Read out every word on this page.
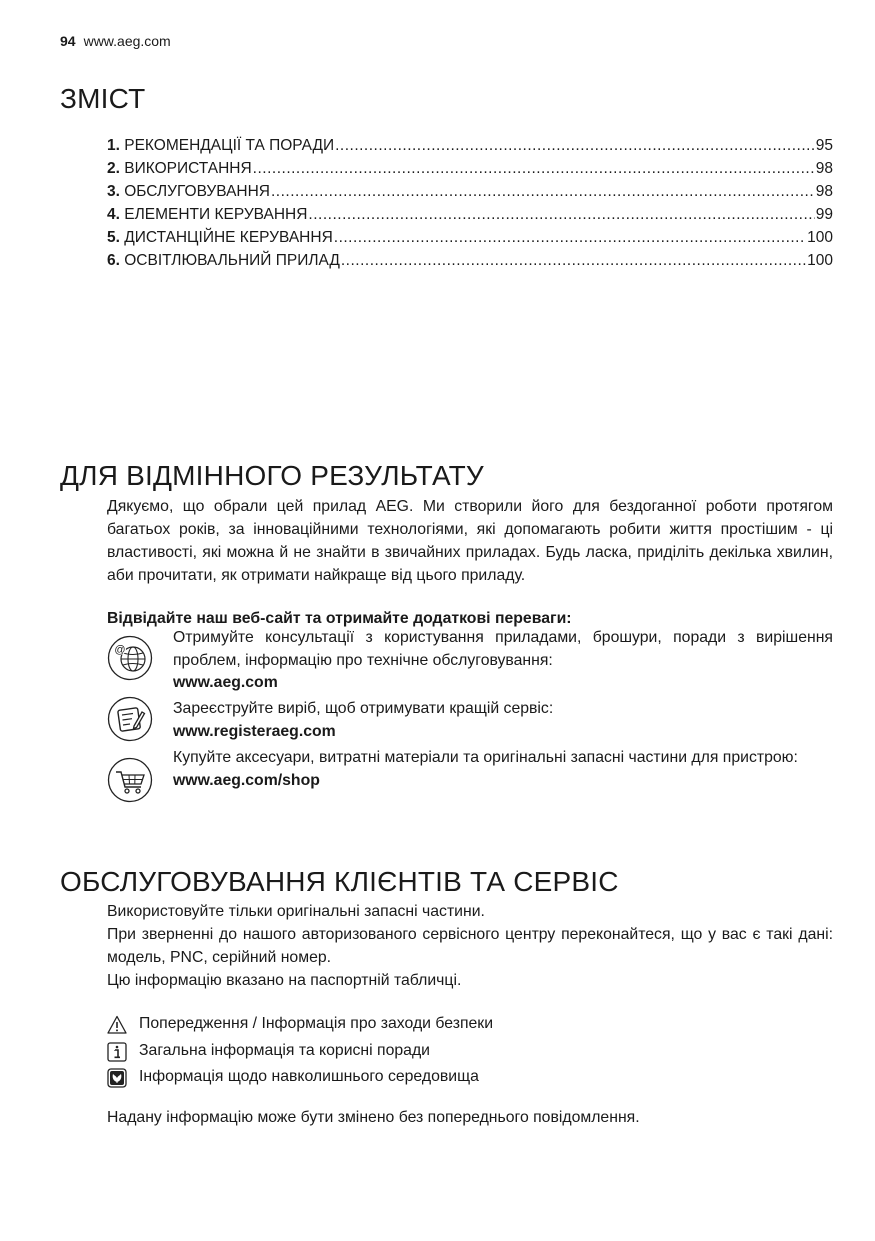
94 www.aeg.com
ЗМІСТ
1. РЕКОМЕНДАЦІЇ ТА ПОРАДИ .....	95
2. ВИКОРИСТАННЯ .....	98
3. ОБСЛУГОВУВАННЯ .....	98
4. ЕЛЕМЕНТИ КЕРУВАННЯ .....	99
5. ДИСТАНЦІЙНЕ КЕРУВАННЯ .....	100
6. ОСВІТЛЮВАЛЬНИЙ ПРИЛАД .....	100
ДЛЯ ВІДМІННОГО РЕЗУЛЬТАТУ
Дякуємо, що обрали цей прилад AEG. Ми створили його для бездоганної роботи протягом багатьох років, за інноваційними технологіями, які допомагають робити життя простішим - ці властивості, які можна й не знайти в звичайних приладах. Будь ласка, приділіть декілька хвилин, аби прочитати, як отримати найкраще від цього приладу.
Відвідайте наш веб-сайт та отримайте додаткові переваги:
@
Отримуйте консультації з користування приладами, брошури, поради з вирішення проблем, інформацію про технічне обслуговування:
www.aeg.com
Зареєструйте виріб, щоб отримувати кращій сервіс:
www.registeraeg.com
Купуйте аксесуари, витратні матеріали та оригінальні запасні частини для пристрою:
www.aeg.com/shop
ОБСЛУГОВУВАННЯ КЛІЄНТІВ ТА СЕРВІС
Використовуйте тільки оригінальні запасні частини.
При зверненні до нашого авторизованого сервісного центру переконайтеся, що у вас є такі дані: модель, PNC, серійний номер.
Цю інформацію вказано на паспортній табличці.
Попередження / Інформація про заходи безпеки
Загальна інформація та корисні поради
Інформація щодо навколишнього середовища
Надану інформацію може бути змінено без попереднього повідомлення.
